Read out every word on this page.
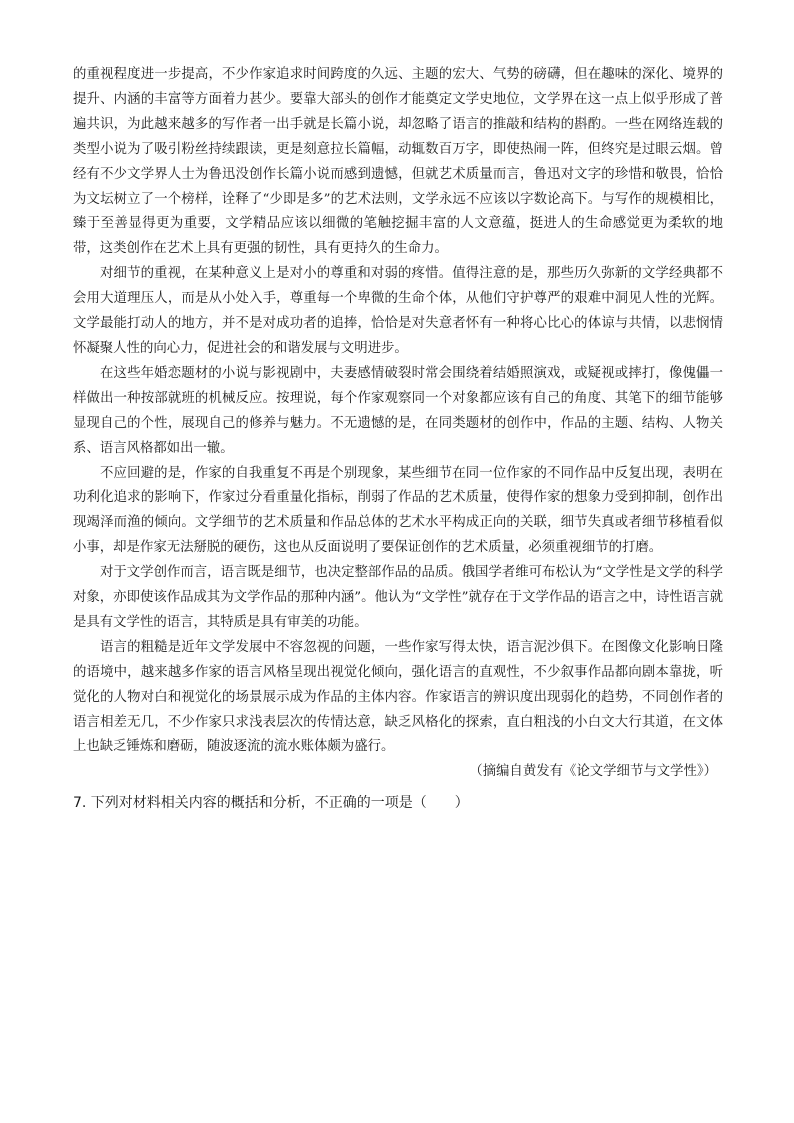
的重视程度进一步提高，不少作家追求时间跨度的久远、主题的宏大、气势的磅礴，但在趣味的深化、境界的提升、内涵的丰富等方面着力甚少。要靠大部头的创作才能奠定文学史地位，文学界在这一点上似乎形成了普遍共识，为此越来越多的写作者一出手就是长篇小说，却忽略了语言的推敲和结构的斟酌。一些在网络连载的类型小说为了吸引粉丝持续跟读，更是刻意拉长篇幅，动辄数百万字，即使热闹一阵，但终究是过眼云烟。曾经有不少文学界人士为鲁迅没创作长篇小说而感到遗憾，但就艺术质量而言，鲁迅对文字的珍惜和敬畏，恰恰为文坛树立了一个榜样，诠释了“少即是多”的艺术法则，文学永远不应该以字数论高下。与写作的规模相比，臻于至善显得更为重要，文学精品应该以细微的笔触挖掘丰富的人文意蕴，挺进人的生命感觉更为柔软的地带，这类创作在艺术上具有更强的韧性，具有更持久的生命力。

对细节的重视，在某种意义上是对小的尊重和对弱的疼惜。值得注意的是，那些历久弥新的文学经典都不会用大道理压人，而是从小处入手，尊重每一个卑微的生命个体，从他们守护尊严的艰难中洞见人性的光辉。文学最能打动人的地方，并不是对成功者的追捧，恰恰是对失意者怀有一种将心比心的体谅与共情，以悲悯情怀凝聚人性的向心力，促进社会的和谐发展与文明进步。

在这些年婚恋题材的小说与影视剧中，夫妻感情破裂时常会围绕着结婚照演戏，或疑视或摔打，像傀儡一样做出一种按部就班的机械反应。按理说，每个作家观察同一个对象都应该有自己的角度、其笔下的细节能够显现自己的个性，展现自己的修养与魅力。不无遗憾的是，在同类题材的创作中，作品的主题、结构、人物关系、语言风格都如出一辙。

不应回避的是，作家的自我重复不再是个别现象，某些细节在同一位作家的不同作品中反复出现，表明在功利化追求的影响下，作家过分看重量化指标，削弱了作品的艺术质量，使得作家的想象力受到抑制，创作出现竭泽而渔的倾向。文学细节的艺术质量和作品总体的艺术水平构成正向的关联，细节失真或者细节移植看似小事，却是作家无法掰脱的硬伤，这也从反面说明了要保证创作的艺术质量，必须重视细节的打磨。

对于文学创作而言，语言既是细节，也决定整部作品的品质。俄国学者维可布松认为“文学性是文学的科学对象，亦即使该作品成其为文学作品的那种内涵”。他认为“文学性”就存在于文学作品的语言之中，诗性语言就是具有文学性的语言，其特质是具有审美的功能。

语言的粗糙是近年文学发展中不容忽视的问题，一些作家写得太快，语言泥沙俱下。在图像文化影响日隆的语境中，越来越多作家的语言风格呈现出视觉化倾向，强化语言的直观性，不少叙事作品都向剧本靠拢，听觉化的人物对白和视觉化的场景展示成为作品的主体内容。作家语言的辨识度出现弱化的趋势，不同创作者的语言相差无几，不少作家只求浅表层次的传情达意，缺乏风格化的探索，直白粗浅的小白文大行其道，在文体上也缺乏锤炼和磨砺，随波逐流的流水账体颇为盛行。

（摘编自黄发有《论文学细节与文学性》）

7. 下列对材料相关内容的概括和分析，不正确的一项是（　　）
